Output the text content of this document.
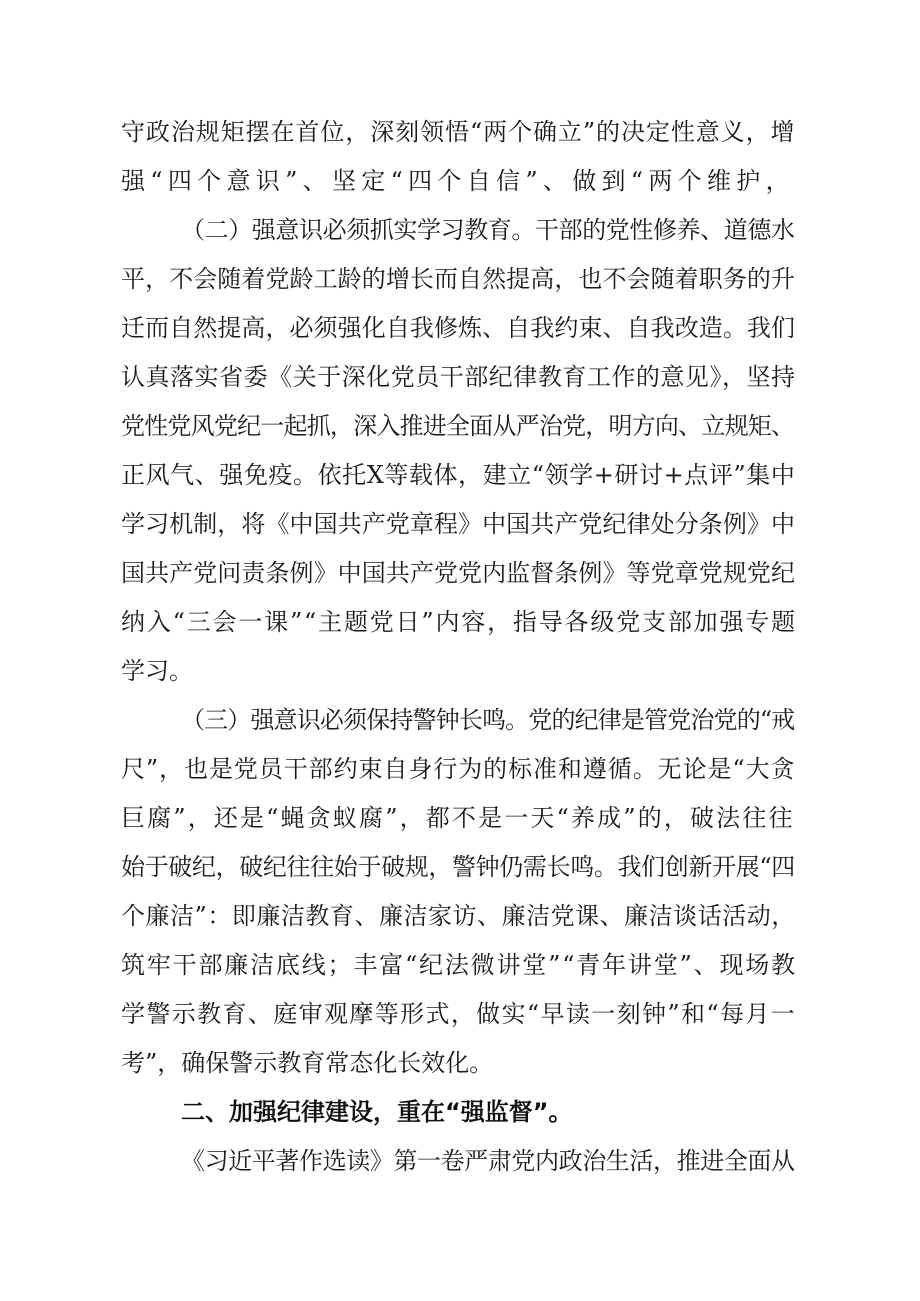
守政治规矩摆在首位，深刻领悟“两个确立”的决定性意义，增
强“四个意识”、坚定“四个自信”、做到“两个维护，
（二）强意识必须抓实学习教育。干部的党性修养、道德水
平，不会随着党龄工龄的增长而自然提高，也不会随着职务的升
迁而自然提高，必须强化自我修炼、自我约束、自我改造。我们
认真落实省委《关于深化党员干部纪律教育工作的意见》，坚持
党性党风党纪一起抓，深入推进全面从严治党，明方向、立规矩、
正风气、强免疫。依托X等载体，建立“领学+研讨+点评”集中
学习机制，将《中国共产党章程》中国共产党纪律处分条例》中
国共产党问责条例》中国共产党党内监督条例》等党章党规党纪
纳入“三会一课”“主题党日”内容，指导各级党支部加强专题
学习。
（三）强意识必须保持警钟长鸣。党的纪律是管党治党的“戒
尺”，也是党员干部约束自身行为的标准和遵循。无论是“大贪
巨腐”，还是“蝇贪蚁腐”，都不是一天“养成”的，破法往往
始于破纪，破纪往往始于破规，警钟仍需长鸣。我们创新开展“四
个廉洁”：即廉洁教育、廉洁家访、廉洁党课、廉洁谈话活动，
筑牢干部廉洁底线；丰富“纪法微讲堂”“青年讲堂”、现场教
学警示教育、庭审观摩等形式，做实“早读一刻钟”和“每月一
考”，确保警示教育常态化长效化。
二、加强纪律建设，重在“强监督”。
《习近平著作选读》第一卷严肃党内政治生活，推进全面从
